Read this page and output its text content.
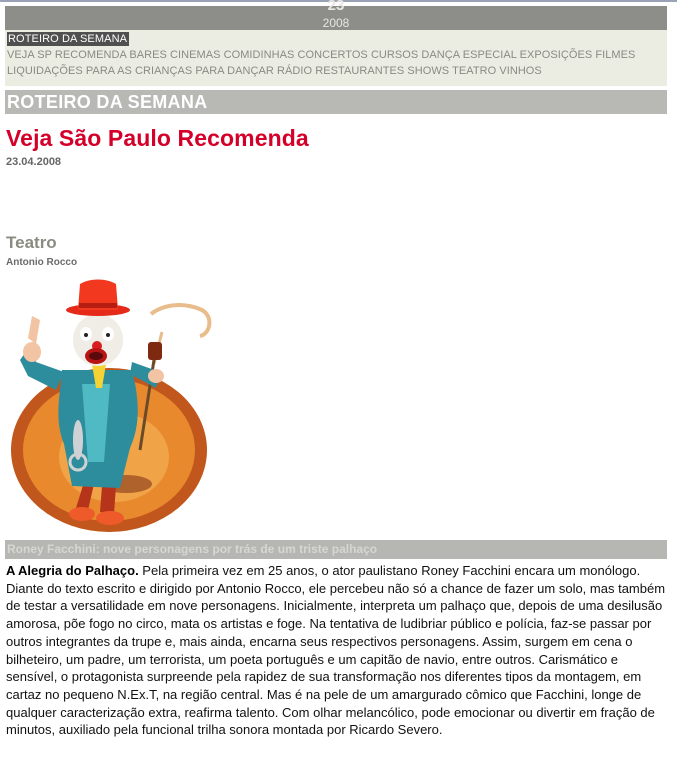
23
2008
ROTEIRO DA SEMANA
VEJA SP RECOMENDA BARES CINEMAS COMIDINHAS CONCERTOS CURSOS DANÇA ESPECIAL EXPOSIÇÕES FILMES
LIQUIDAÇÕES PARA AS CRIANÇAS PARA DANÇAR RÁDIO RESTAURANTES SHOWS TEATRO VINHOS
ROTEIRO DA SEMANA
Veja São Paulo Recomenda
23.04.2008
Teatro
Antonio Rocco
Roney Facchini: nove personagens por trás de um triste palhaço
A Alegria do Palhaço. Pela primeira vez em 25 anos, o ator paulistano Roney Facchini encara um monólogo. Diante do texto escrito e dirigido por Antonio Rocco, ele percebeu não só a chance de fazer um solo, mas também de testar a versatilidade em nove personagens. Inicialmente, interpreta um palhaço que, depois de uma desilusão amorosa, põe fogo no circo, mata os artistas e foge. Na tentativa de ludibriar público e polícia, faz-se passar por outros integrantes da trupe e, mais ainda, encarna seus respectivos personagens. Assim, surgem em cena o bilheteiro, um padre, um terrorista, um poeta português e um capitão de navio, entre outros. Carismático e sensível, o protagonista surpreende pela rapidez de sua transformação nos diferentes tipos da montagem, em cartaz no pequeno N.Ex.T, na região central. Mas é na pele de um amargurado cômico que Facchini, longe de qualquer caracterização extra, reafirma talento. Com olhar melancólico, pode emocionar ou divertir em fração de minutos, auxiliado pela funcional trilha sonora montada por Ricardo Severo.
